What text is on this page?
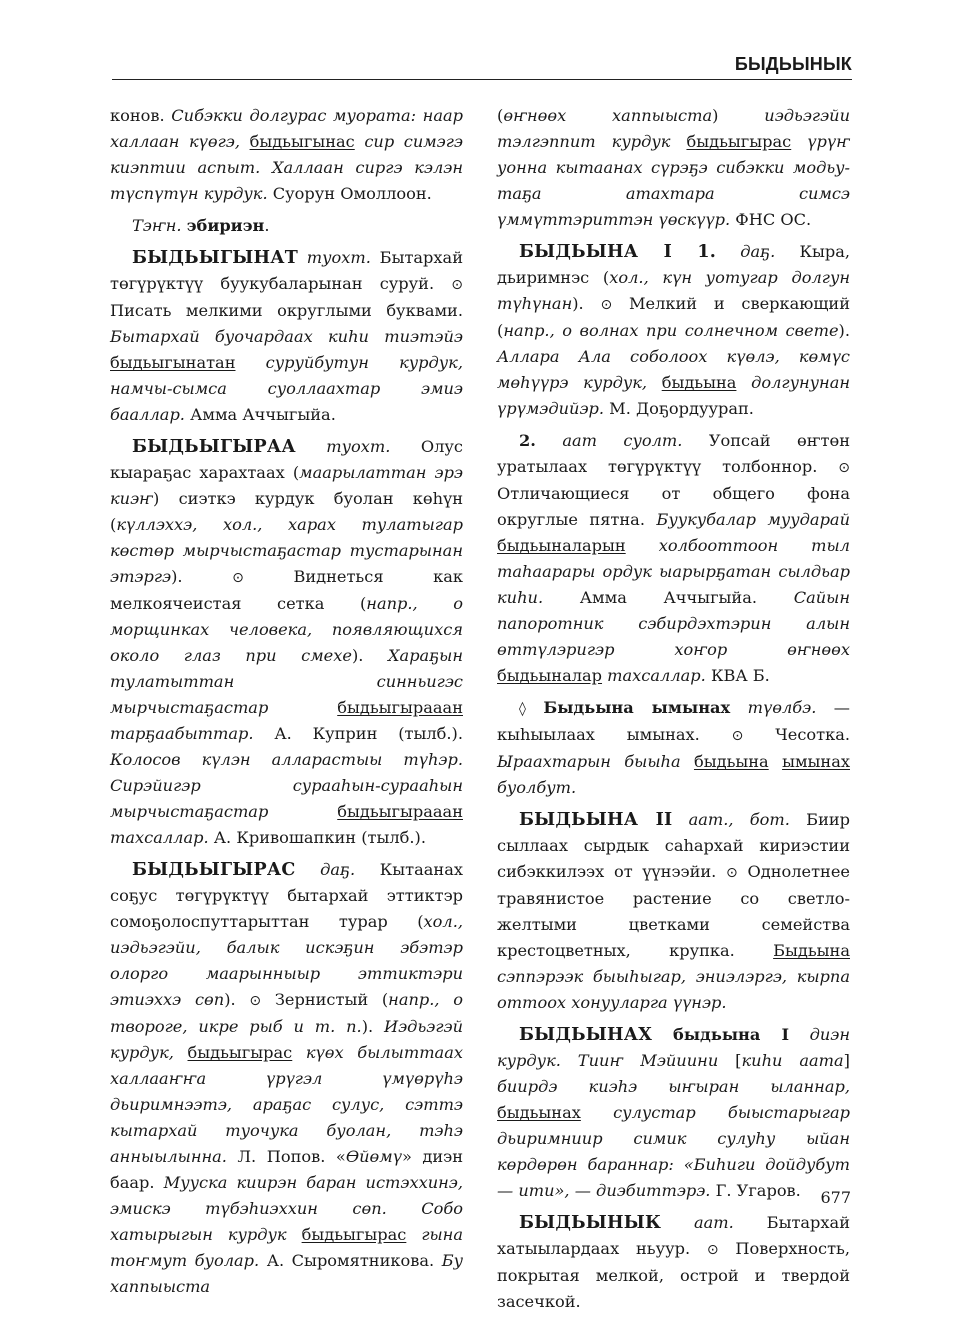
БЫДЬЫНЫК

конов. Сибэкки долгурас муората: наар халлаан күөгэ, быдьыгынас сир симэгэ киэптии аспыт. Халлаан сиргэ кэлэн түспүтүн курдук. Суорун Омоллоон.

Тэҥн. эбириэн.

БЫДЬЫГЫНАТ туохт. Бытархай төгүрүктүү буукубаларынан суруй. ⊙ Писать мелкими округлыми буквами. Бытархай буочардаах киһи тиэтэйэ быдьыгынатан суруйбутун курдук, намчы-сымса суоллаахтар эмиэ бааллар. Амма Аччыгыйа.

БЫДЬЫГЫРАА туохт. Олус кыараҕас харахтаах (маарылаттан эрэ киэҥ) сиэткэ курдук буолан көһүн (күллэххэ, хол., харах тулатыгар көстөр мырчыстаҕастар тустарынан этэргэ). ⊙ Виднеться как мелкоячеистая сетка (напр., о морщинках человека, появляющихся около глаз при смехе). Хараҕын тулатыттан синньигэс мырчыстаҕастар быдьыгырааан тарҕаабыттар. А. Куприн (тылб.). Колосов күлэн алларастыы түһэр. Сирэйигэр сурааһын-сурааһын мырчыстаҕастар быдьыгырааан тахсаллар. А. Кривошапкин (тылб.).

БЫДЬЫГЫРАС даҕ. Кытаанах соҕус төгүрүктүү бытархай эттиктэр сомоҕолоспуттарыттан турар (хол., иэдьэгэйи, балык искэҕин эбэтэр олорго маарынныыр эттиктэри этиэххэ сөп). ⊙ Зернистый (напр., о твороге, икре рыб и т. п.). Иэдьэгэй курдук, быдьыгырас күөх былыттаах халлааҥҥа үрүгэл үмүөрүһэ дьиримнээтэ, араҕас сулус, сэттэ кытархай туочука буолан, тэһэ анныылынна. Л. Попов. «Өйөмү» диэн баар. Мууска киирэн баран истэххинэ, эмискэ түбэһиэххин сөп. Собо хатырыгын курдук быдьыгырас гына тоҥмут буолар. А. Сыромятникова. Бу хаппыыста

(өҥнөөх хаппыыста) иэдьэгэйи тэлгэппит курдук быдьыгырас үрүҥ уонна кытаанах сүрэҕэ сибэкки модьу-таҕа атахтара симсэ үммүттэриттэн үөскүүр. ФНС ОС.

БЫДЬЫНА I 1. даҕ. Кыра, дьиримнэс (хол., күн уотугар долгун түһүнан). ⊙ Мелкий и сверкающий (напр., о волнах при солнечном свете). Аллара Ала соболоох күөлэ, көмүс мөһүүрэ курдук, быдьына долгунунан үрүмэдийэр. М. Доҕордуурап.

2. аат суолт. Уопсай өҥтөн уратылаах төгүрүктүү толбоннор. ⊙ Отличающиеся от общего фона округлые пятна. Буукубалар муударай быдьыналарын холбооттоон тыл таһаарары ордук ыарырҕатан сылдьар киһи. Амма Аччыгыйа. Сайын папоротник сэбирдэхтэрин алын өттүлэригэр хоҥор өҥнөөх быдьыналар тахсаллар. КВА Б.

◊ Быдьына ымынах түөлбэ. — кыһыылаах ымынах. ⊙ Чесотка. Ыраахтарын быыһа быдьына ымынах буолбут.

БЫДЬЫНА II аат., бот. Биир сыллаах сырдык саһархай кириэстии сибэккилээх от үүнээйи. ⊙ Однолетнее травянистое растение со светло-желтыми цветками семейства крестоцветных, крупка. Быдьына сэппэрээк быыһыгар, эниэлэргэ, кырпа оттоох хонууларга үүнэр.

БЫДЬЫНАХ быдьына I диэн курдук. Тииҥ Мэйиини [киһи аата] биирдэ киэһэ ыҥыран ыланнар, быдьынах сулустар быыстарыгар дьиримниир симик сулуһу ыйан көрдөрөн бараннар: «Биһиги дойдубут — ити», — диэбиттэрэ. Г. Угаров.

БЫДЬЫНЫК аат. Бытархай хатыылардаах ньуур. ⊙ Поверхность, покрытая мелкой, острой и твердой засечкой.

677
